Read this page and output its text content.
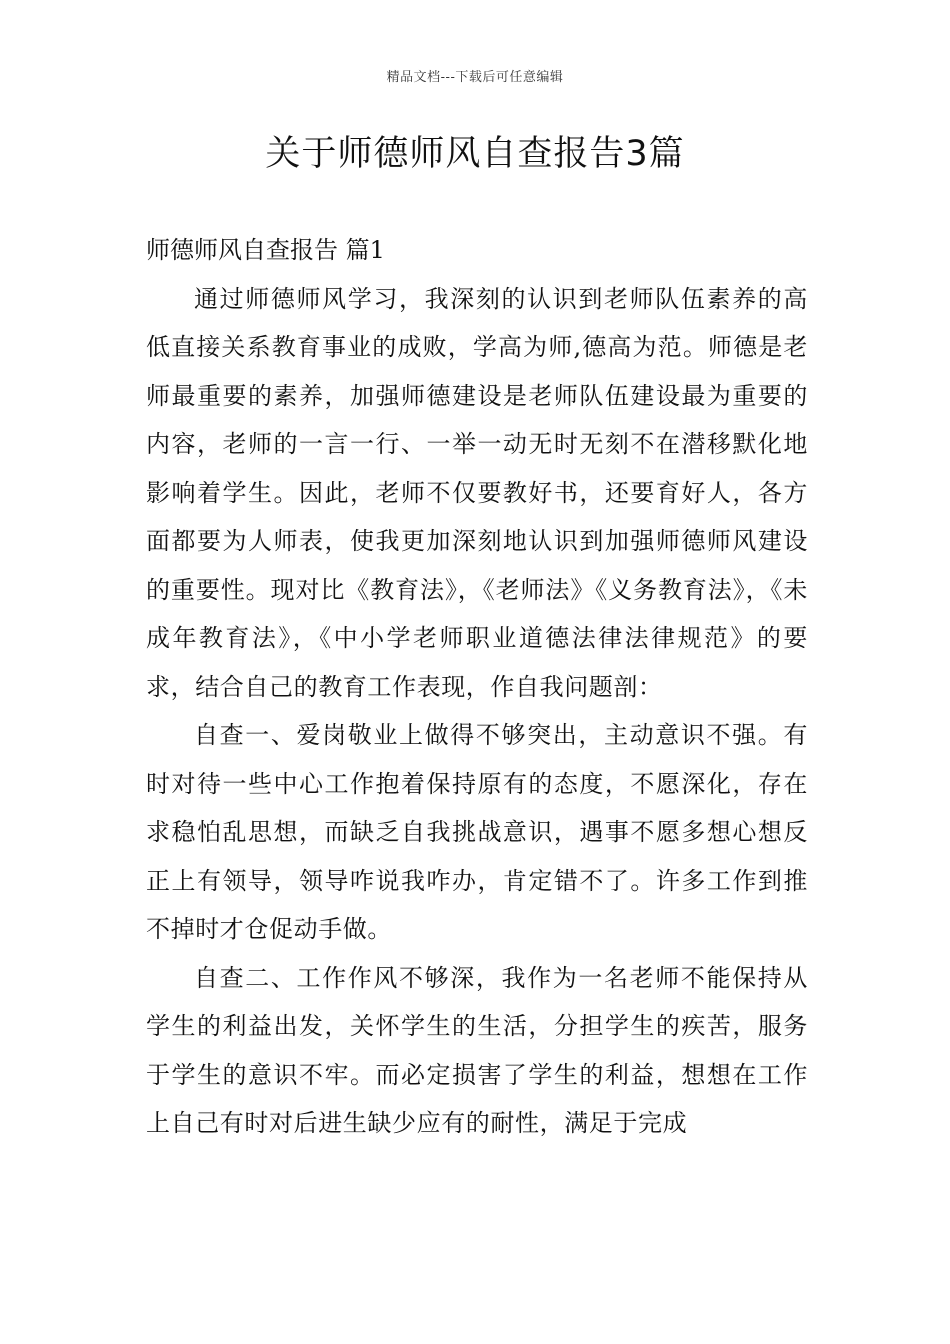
精品文档---下载后可任意编辑
关于师德师风自查报告3篇
师德师风自查报告 篇1

通过师德师风学习，我深刻的认识到老师队伍素养的高低直接关系教育事业的成败，学高为师,德高为范。师德是老师最重要的素养，加强师德建设是老师队伍建设最为重要的内容，老师的一言一行、一举一动无时无刻不在潜移默化地影响着学生。因此，老师不仅要教好书，还要育好人，各方面都要为人师表，使我更加深刻地认识到加强师德师风建设的重要性。现对比《教育法》，《老师法》《义务教育法》，《未成年教育法》，《中小学老师职业道德法律法律规范》的要求，结合自己的教育工作表现，作自我问题剖：

自查一、爱岗敬业上做得不够突出，主动意识不强。有时对待一些中心工作抱着保持原有的态度，不愿深化，存在求稳怕乱思想，而缺乏自我挑战意识，遇事不愿多想心想反正上有领导，领导咋说我咋办，肯定错不了。许多工作到推不掉时才仓促动手做。

自查二、工作作风不够深，我作为一名老师不能保持从学生的利益出发，关怀学生的生活，分担学生的疾苦，服务于学生的意识不牢。而必定损害了学生的利益，想想在工作上自己有时对后进生缺少应有的耐性，满足于完成
